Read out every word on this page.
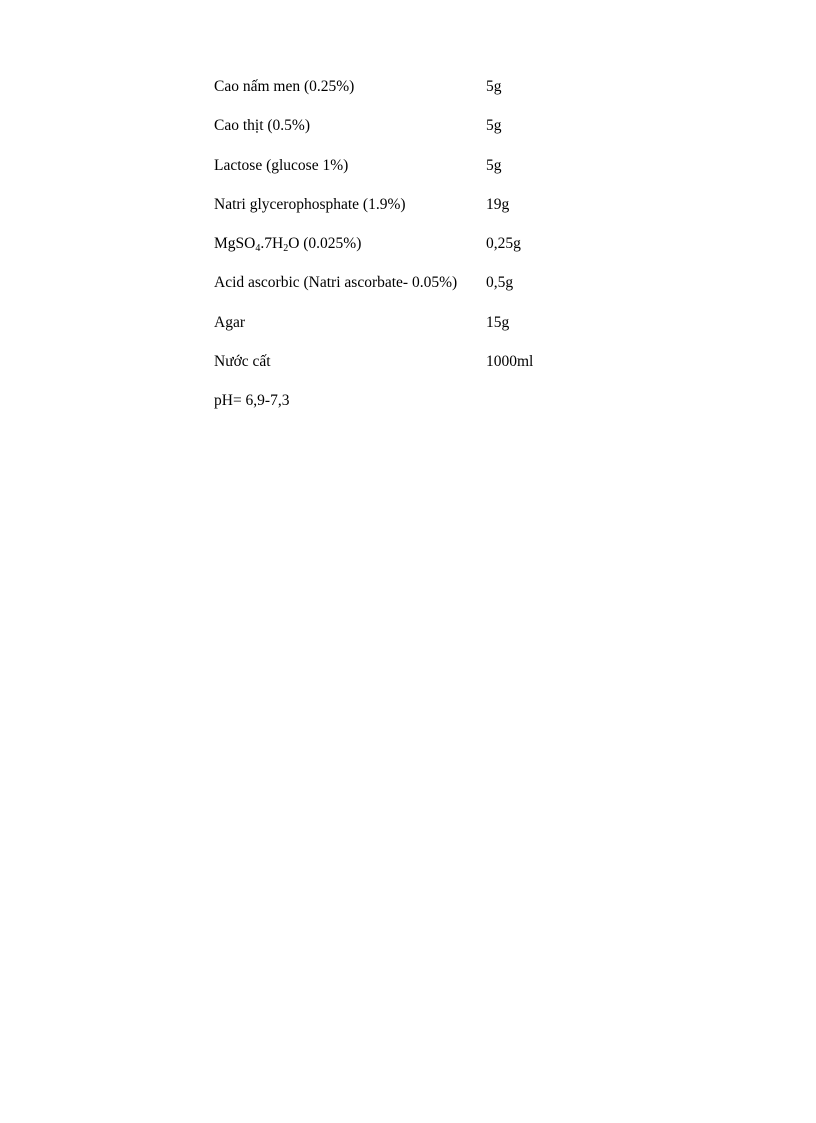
Cao nấm men (0.25%)	5g
Cao thịt (0.5%)	5g
Lactose (glucose 1%)	5g
Natri glycerophosphate (1.9%)	19g
$MgSO_4.7H_2O$ (0.025%)	0,25g
Acid ascorbic (Natri ascorbate- 0.05%) 0,5g
Agar	15g
Nước cất	1000ml
pH= 6,9-7,3
